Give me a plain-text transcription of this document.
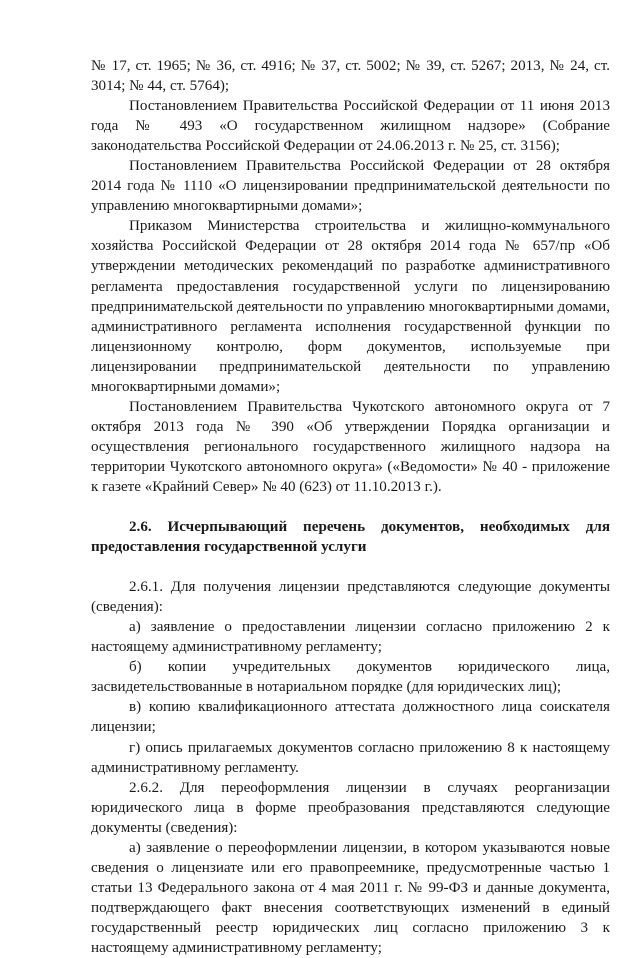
№ 17, ст. 1965; № 36, ст. 4916; № 37, ст. 5002; № 39, ст. 5267; 2013, № 24, ст. 3014; № 44, ст. 5764);

Постановлением Правительства Российской Федерации от 11 июня 2013 года № 493 «О государственном жилищном надзоре» (Собрание законодательства Российской Федерации от 24.06.2013 г. № 25, ст. 3156);

Постановлением Правительства Российской Федерации от 28 октября 2014 года № 1110 «О лицензировании предпринимательской деятельности по управлению многоквартирными домами»;

Приказом Министерства строительства и жилищно-коммунального хозяйства Российской Федерации от 28 октября 2014 года № 657/пр «Об утверждении методических рекомендаций по разработке административного регламента предоставления государственной услуги по лицензированию предпринимательской деятельности по управлению многоквартирными домами, административного регламента исполнения государственной функции по лицензионному контролю, форм документов, используемые при лицензировании предпринимательской деятельности по управлению многоквартирными домами»;

Постановлением Правительства Чукотского автономного округа от 7 октября 2013 года № 390 «Об утверждении Порядка организации и осуществления регионального государственного жилищного надзора на территории Чукотского автономного округа» («Ведомости» № 40 - приложение к газете «Крайний Север» № 40 (623) от 11.10.2013 г.).

2.6. Исчерпывающий перечень документов, необходимых для предоставления государственной услуги

2.6.1. Для получения лицензии представляются следующие документы (сведения):

а) заявление о предоставлении лицензии согласно приложению 2 к настоящему административному регламенту;

б) копии учредительных документов юридического лица, засвидетельствованные в нотариальном порядке (для юридических лиц);

в) копию квалификационного аттестата должностного лица соискателя лицензии;

г) опись прилагаемых документов согласно приложению 8 к настоящему административному регламенту.

2.6.2. Для переоформления лицензии в случаях реорганизации юридического лица в форме преобразования представляются следующие документы (сведения):

а) заявление о переоформлении лицензии, в котором указываются новые сведения о лицензиате или его правопреемнике, предусмотренные частью 1 статьи 13 Федерального закона от 4 мая 2011 г. № 99-ФЗ и данные документа, подтверждающего факт внесения соответствующих изменений в единый государственный реестр юридических лиц согласно приложению 3 к настоящему административному регламенту;
